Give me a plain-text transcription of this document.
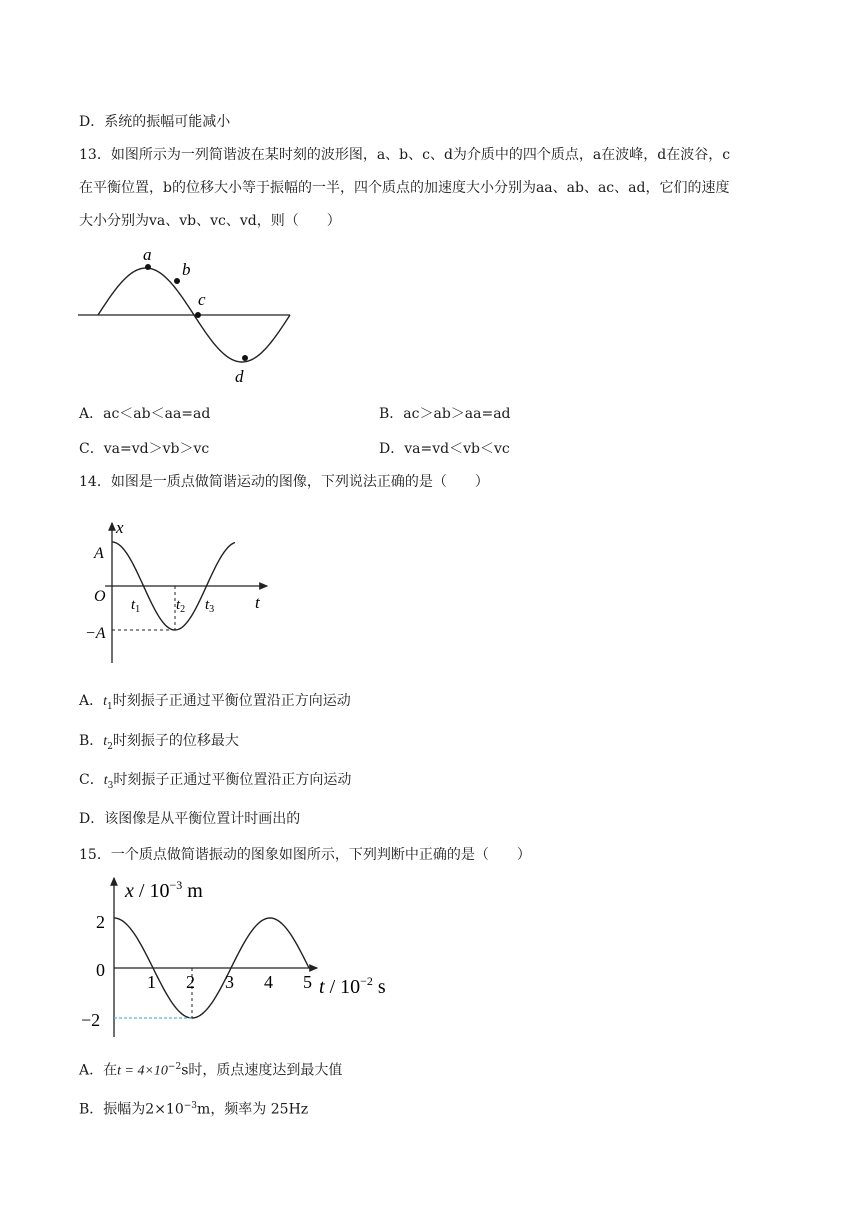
D．系统的振幅可能减小
13．如图所示为一列简谐波在某时刻的波形图，a、b、c、d为介质中的四个质点，a在波峰，d在波谷，c
在平衡位置，b的位移大小等于振幅的一半，四个质点的加速度大小分别为aa、ab、ac、ad，它们的速度
大小分别为va、vb、vc、vd，则（　　）
a
b
c
d
A．ac＜ab＜aa=ad	B．ac＞ab＞aa=ad
C．va=vd＞vb＞vc	D．va=vd＜vb＜vc
14．如图是一质点做简谐运动的图像，下列说法正确的是（　　）
x
t
A
O
−A
$t_1$ $t_2$ $t_3$
A．$t_1$时刻振子正通过平衡位置沿正方向运动
B．$t_2$时刻振子的位移最大
C．$t_3$时刻振子正通过平衡位置沿正方向运动
D．该图像是从平衡位置计时画出的
15．一个质点做简谐振动的图象如图所示，下列判断中正确的是（　　）
x / $10^{-3}$ m
t / $10^{-2}$ s
2
0
−2
1 2 3 4 5
A．在$t = 4\times 10^{-2}s$时，质点速度达到最大值
B．振幅为$2\times 10^{-3}m$，频率为 25Hz
